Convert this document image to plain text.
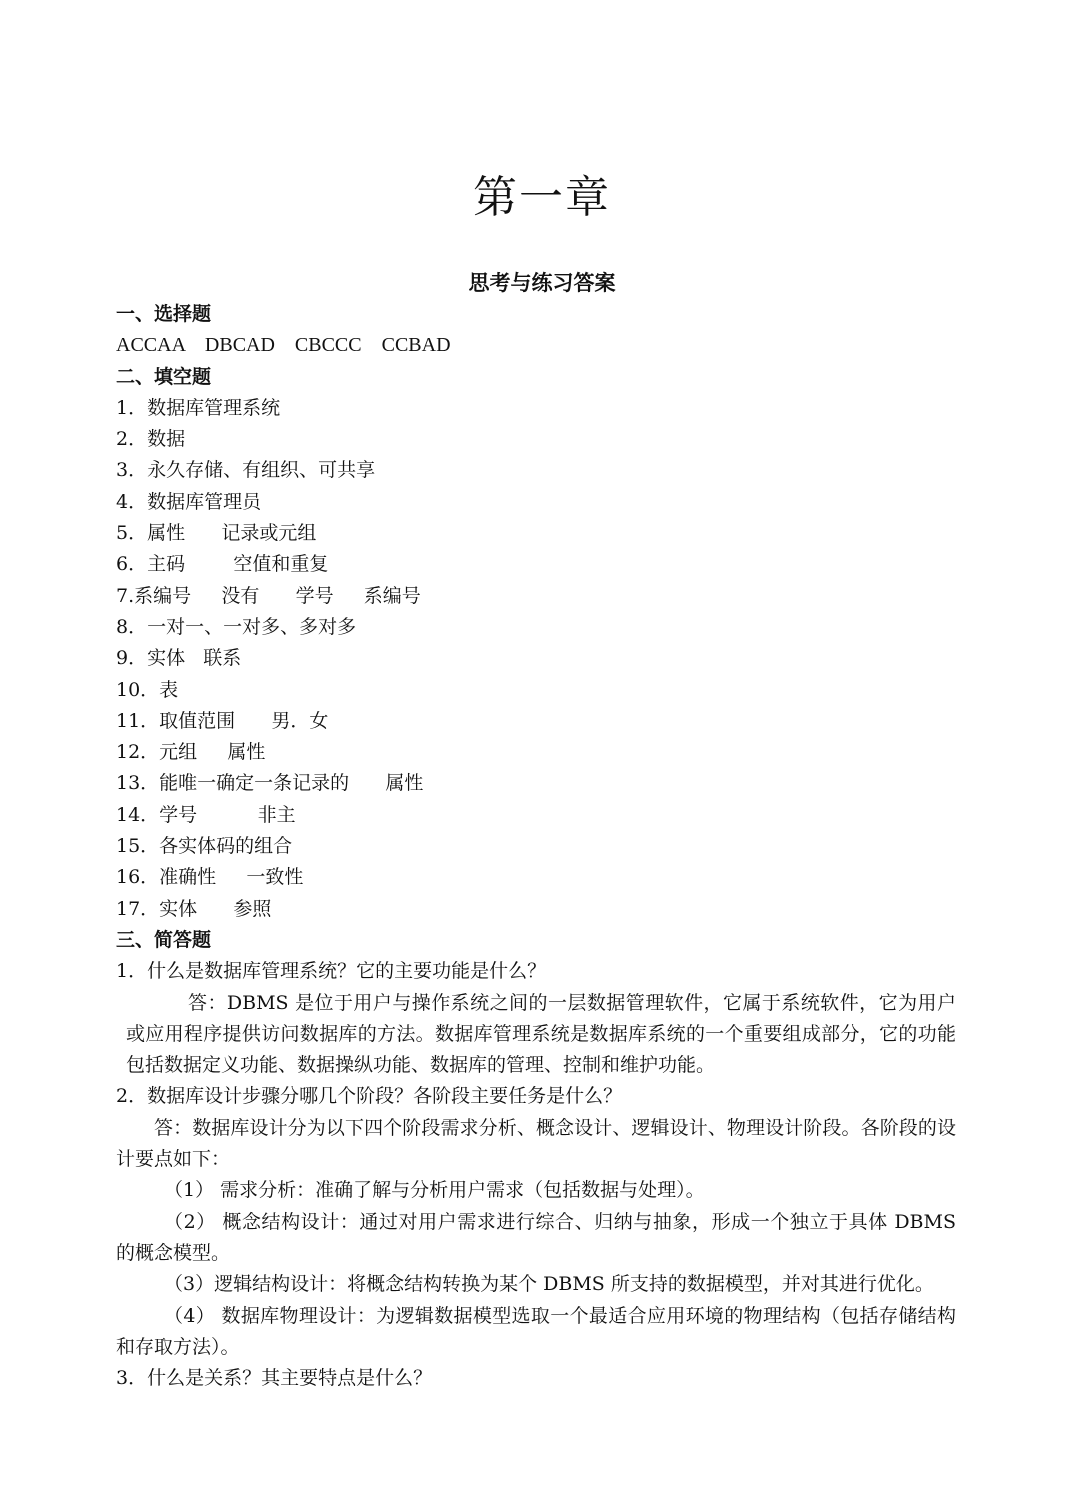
第一章
思考与练习答案
一、选择题
ACCAA    DBCAD    CBCCC    CCBAD
二、填空题
1．数据库管理系统
2．数据
3．永久存储、有组织、可共享
4．数据库管理员
5．属性      记录或元组
6．主码        空值和重复
7.系编号     没有      学号     系编号
8．一对一、一对多、多对多
9．实体   联系
10．表
11．取值范围      男．女
12．元组     属性
13．能唯一确定一条记录的      属性
14．学号          非主
15．各实体码的组合
16．准确性     一致性
17．实体      参照
三、简答题
1．什么是数据库管理系统？它的主要功能是什么？
答：DBMS 是位于用户与操作系统之间的一层数据管理软件，它属于系统软件，它为用户或应用程序提供访问数据库的方法。数据库管理系统是数据库系统的一个重要组成部分，它的功能包括数据定义功能、数据操纵功能、数据库的管理、控制和维护功能。
2．数据库设计步骤分哪几个阶段？各阶段主要任务是什么？
答：数据库设计分为以下四个阶段需求分析、概念设计、逻辑设计、物理设计阶段。各阶段的设计要点如下：
（1） 需求分析：准确了解与分析用户需求（包括数据与处理）。
（2） 概念结构设计：通过对用户需求进行综合、归纳与抽象，形成一个独立于具体 DBMS 的概念模型。
（3）逻辑结构设计：将概念结构转换为某个 DBMS 所支持的数据模型，并对其进行优化。
（4） 数据库物理设计：为逻辑数据模型选取一个最适合应用环境的物理结构（包括存储结构和存取方法）。
3．什么是关系？其主要特点是什么？
